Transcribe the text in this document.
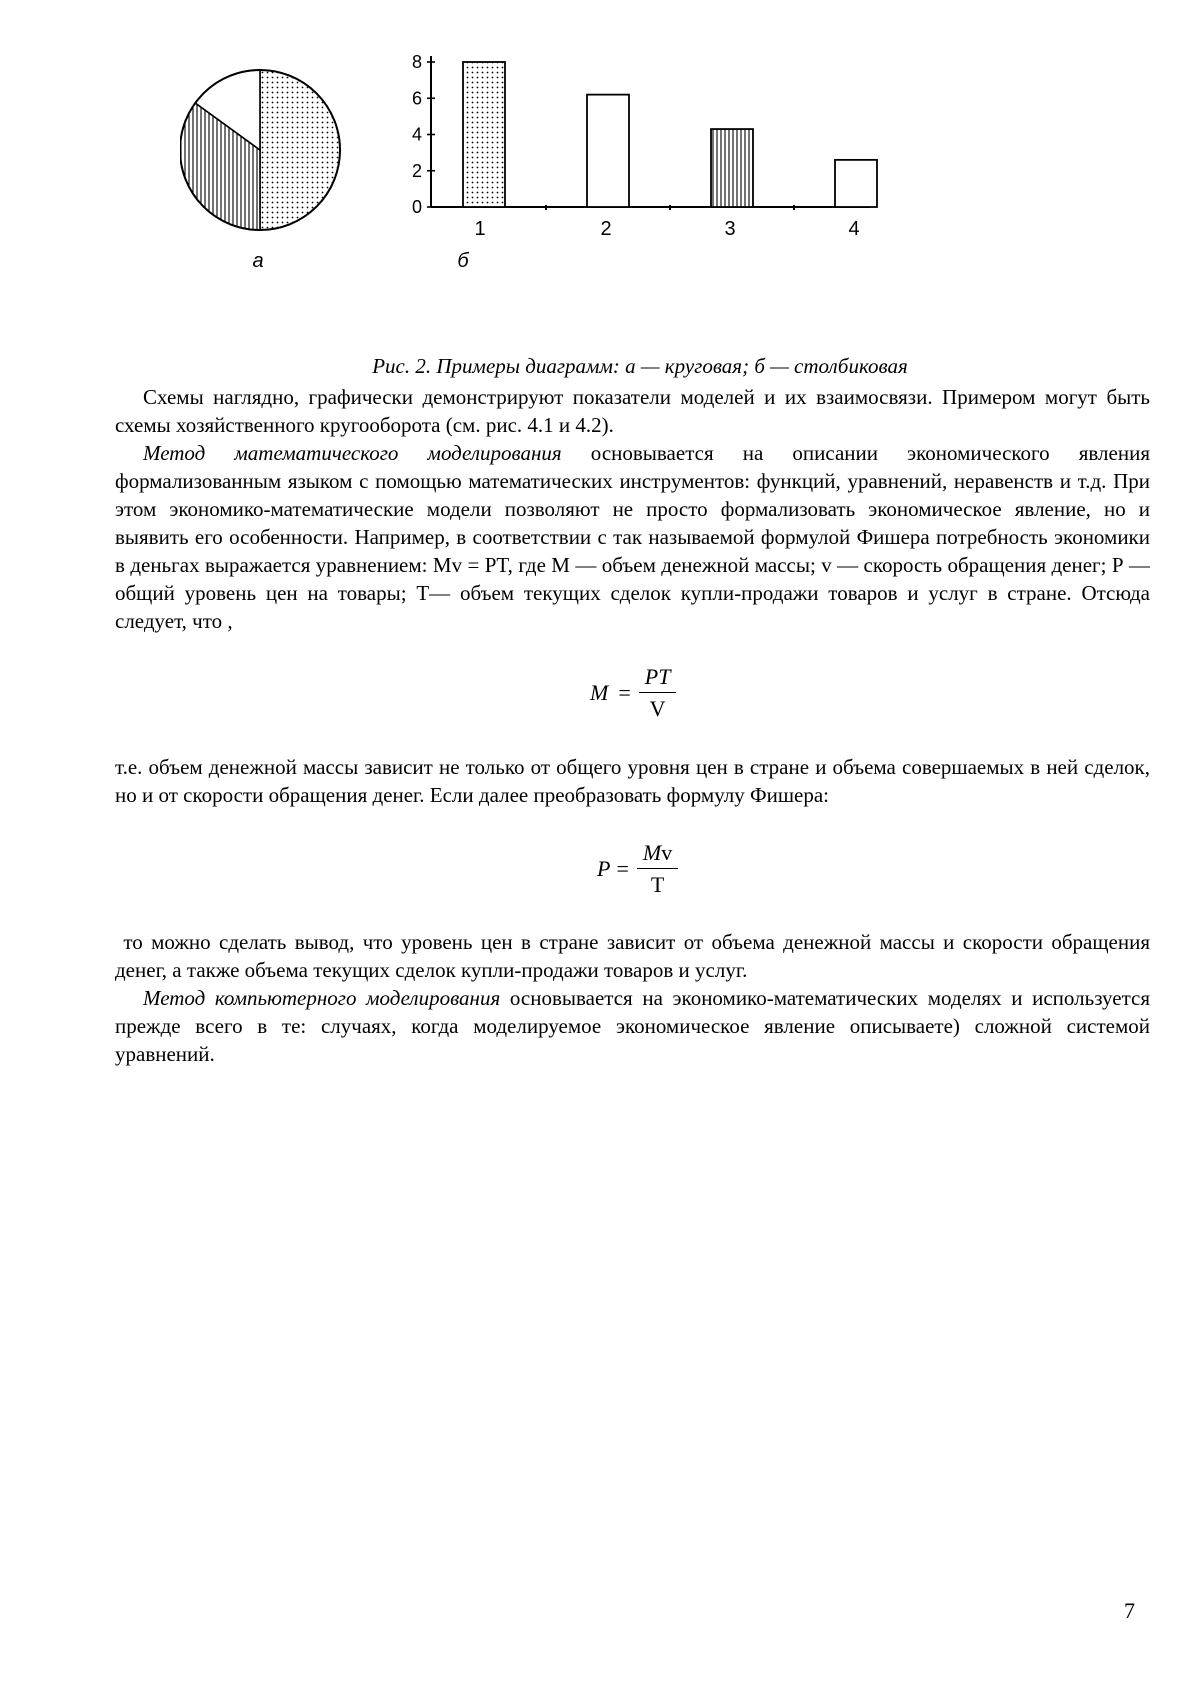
0
2
4
6
8
1	2	3	4
а	б
Рис. 2. Примеры диаграмм: а — круговая; б — столбиковая

Схемы наглядно, графически демонстрируют показатели моделей и их взаимосвязи. Примером могут быть схемы хозяйственного кругооборота (см. рис. 4.1 и 4.2).

Метод математического моделирования основывается на описании экономического явления формализованным языком с помощью математических инструментов: функций, уравнений, неравенств и т.д. При этом экономико-математические модели позволяют не просто формализовать экономическое явление, но и выявить его особенности. Например, в соответствии с так называемой формулой Фишера потребность экономики в деньгах выражается уравнением: Mv = PT, где М — объем денежной массы; v — скорость обращения денег; Р — общий уровень цен на товары; Т— объем текущих сделок купли-продажи товаров и услуг в стране. Отсюда следует, что ,

$M = \frac{PT}{V}$

т.е. объем денежной массы зависит не только от общего уровня цен в стране и объема совершаемых в ней сделок, но и от скорости обращения денег. Если далее преобразовать формулу Фишера:

$P = \frac{Mv}{T}$

то можно сделать вывод, что уровень цен в стране зависит от объема денежной массы и скорости обращения денег, а также объема текущих сделок купли-продажи товаров и услуг.

Метод компьютерного моделирования основывается на экономико-математических моделях и используется прежде всего в те: случаях, когда моделируемое экономическое явление описываете) сложной системой уравнений.

7
